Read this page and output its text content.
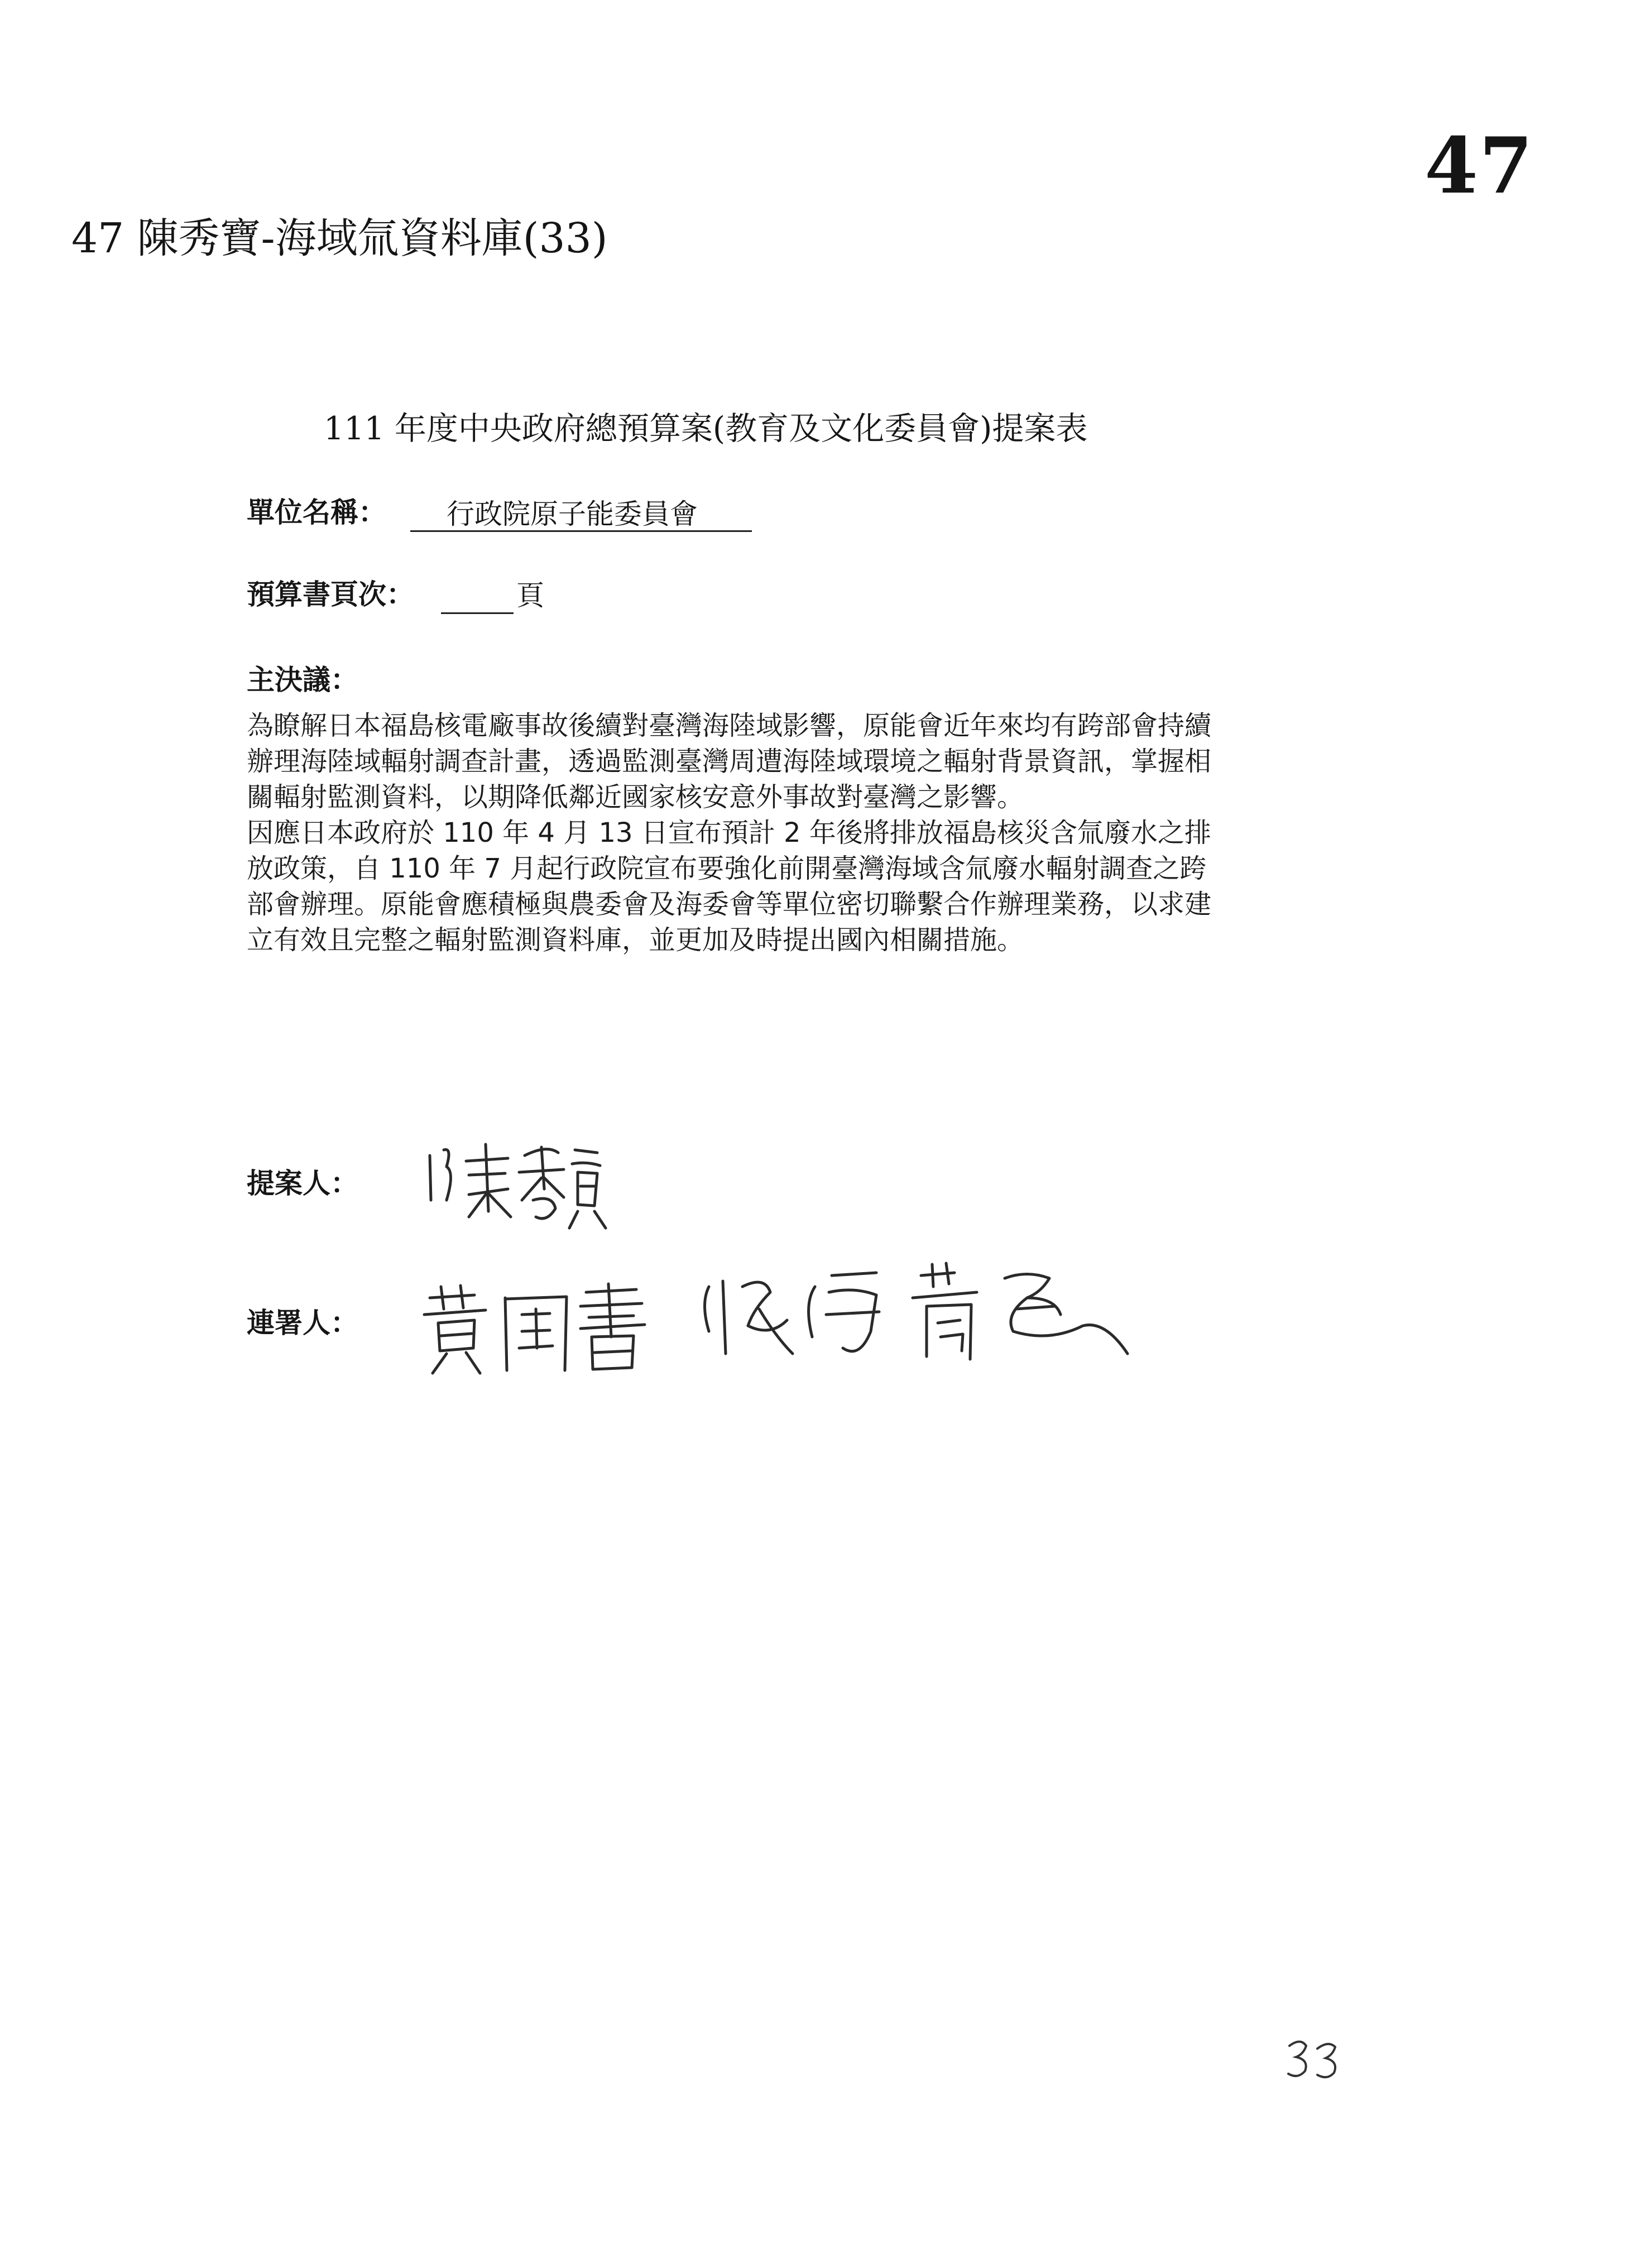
47
47 陳秀寶-海域氚資料庫(33)
111 年度中央政府總預算案(教育及文化委員會)提案表
單位名稱： 行政院原子能委員會
預算書頁次：	頁
主決議：

為瞭解日本福島核電廠事故後續對臺灣海陸域影響，原能會近年來均有跨部會持續辦理海陸域輻射調查計畫，透過監測臺灣周遭海陸域環境之輻射背景資訊，掌握相關輻射監測資料，以期降低鄰近國家核安意外事故對臺灣之影響。

因應日本政府於 110 年 4 月 13 日宣布預計 2 年後將排放福島核災含氚廢水之排放政策，自 110 年 7 月起行政院宣布要強化前開臺灣海域含氚廢水輻射調查之跨部會辦理。原能會應積極與農委會及海委會等單位密切聯繫合作辦理業務，以求建立有效且完整之輻射監測資料庫，並更加及時提出國內相關措施。

提案人：
連署人：
